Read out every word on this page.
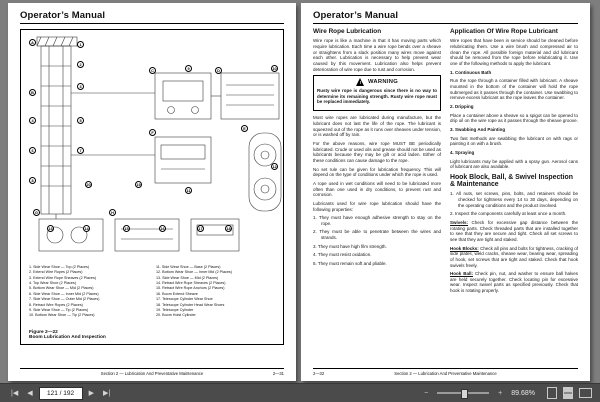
Operator’s Manual
A	1
2
B
3
4	5
6	7
8
C	9	D	10
E
F
11
12
G	H
19
20
13	14	15	16	17	18
1. Side Wear Shoe — Top (2 Places)
2. Extend Wire Ropes (2 Places)
3. Extend Wire Rope Sheaves (2 Places)
4. Top Wear Shoe (2 Places)
5. Bottom Wear Shoe — Mid (2 Places)
6. Side Wear Shoe — Inner Mid (2 Places)
7. Side Wear Shoe — Outer Mid (2 Places)
8. Retract Wire Ropes (2 Places)
9. Side Wear Shoe — Tip (2 Places)
10. Bottom Wear Shoe — Tip (2 Places)
11. Side Wear Shoe — Base (2 Places)
12. Bottom Wear Shoe — Inner Mid (2 Places)
13. Side Wear Shoe — Mid (2 Places)
14. Retract Wire Rope Sheaves (2 Places)
15. Retract Wire Rope Anchors (2 Places)
16. Boom Extend Sheave
17. Telescope Cylinder Wear Shoe
18. Telescope Cylinder Head Wear Shoes
19. Telescope Cylinder
20. Boom Hoist Cylinder
Figure 2—22
Boom Lubrication And Inspection
Section 2 — Lubrication And Preventative Maintenance	2—31
Operator’s Manual
Wire Rope Lubrication

Wire rope is like a machine in that it has moving parts which require lubrication. Each time a wire rope bends over a sheave or straightens from a slack position many wires move against each other. Lubrication is necessary to help prevent wear caused by this movement. Lubrication also helps prevent deterioration of wire rope due to rust and corrosion.

!	WARNING

Rusty wire rope is dangerous since there is no way to determine its remaining strength. Rusty wire rope must be replaced immediately.

Most wire ropes are lubricated during manufacture, but the lubricant does not last the life of the rope. The lubricant is squeezed out of the rope as it runs over sheaves under tension, or is washed off by rain.

For the above reasons, wire rope MUST BE periodically lubricated. Crude or used oils and grease should not be used as lubricants because they may be gilt or acid laden. Either of these conditions can cause damage to the rope.

No set rule can be given for lubrication frequency. This will depend on the type of conditions under which the rope is used.

A rope used in wet conditions will need to be lubricated more often than one used in dry conditions, to prevent rust and corrosion.

Lubricants used for wire rope lubrication should have the following properties:

1. They must have enough adhesive strength to stay on the rope.

2. They must be able to penetrate between the wires and strands.

3. They must have high film strength.

4. They must resist oxidation.

5. They must remain soft and pliable.

Application Of Wire Rope Lubricant

Wire ropes that have been in service should be cleaned before relubricating them. Use a wire brush and compressed air to clean the rope. All possible foreign material and old lubricant should be removed from the rope before relubricating it. Use one of the following methods to apply the lubricant.

1. Continuous Bath

Run the rope through a container filled with lubricant. A sheave mounted in the bottom of the container will hold the rope submerged as it passes through the container. Use swabbing to remove excess lubricant as the rope leaves the container.

2. Dripping

Place a container above a sheave so a spigot can be opened to drip oil on the wire rope as it passes through the sheave groove.

3. Swabbing And Painting

Two fast methods are swabbing the lubricant on with rags or painting it on with a brush.

4. Spraying

Light lubricants may be applied with a spray gun. Aerosol cans of lubricant are also available.

Hook Block, Ball, & Swivel Inspection & Maintenance

1. All nuts, set screws, pins, bolts, and retainers should be checked for tightness every 14 to 30 days, depending on the operating conditions and the product involved.

2. Inspect the components carefully at least once a month.

Swivels: Check for excessive gap distance between the rotating parts. Check threaded parts that are installed together to see that they are secure and tight. Check all set screws to see that they are tight and staked.

Hook Blocks: Check all pins and bolts for tightness, cracking of side plates, weld cracks, sheave wear, bearing wear, spreading of hook, set screws that are tight and staked. Check that hook swivels freely.

Hook Ball: Check pin, nut, and washer to ensure ball halves are held securely together. Check locating pin for excessive wear. Inspect swivel parts as specified previously. Check that hook is rotating properly.

2—32	Section 2 — Lubrication And Preventative Maintenance
|◀	◀
121 / 192	▶	▶|	−	+	89.68%
